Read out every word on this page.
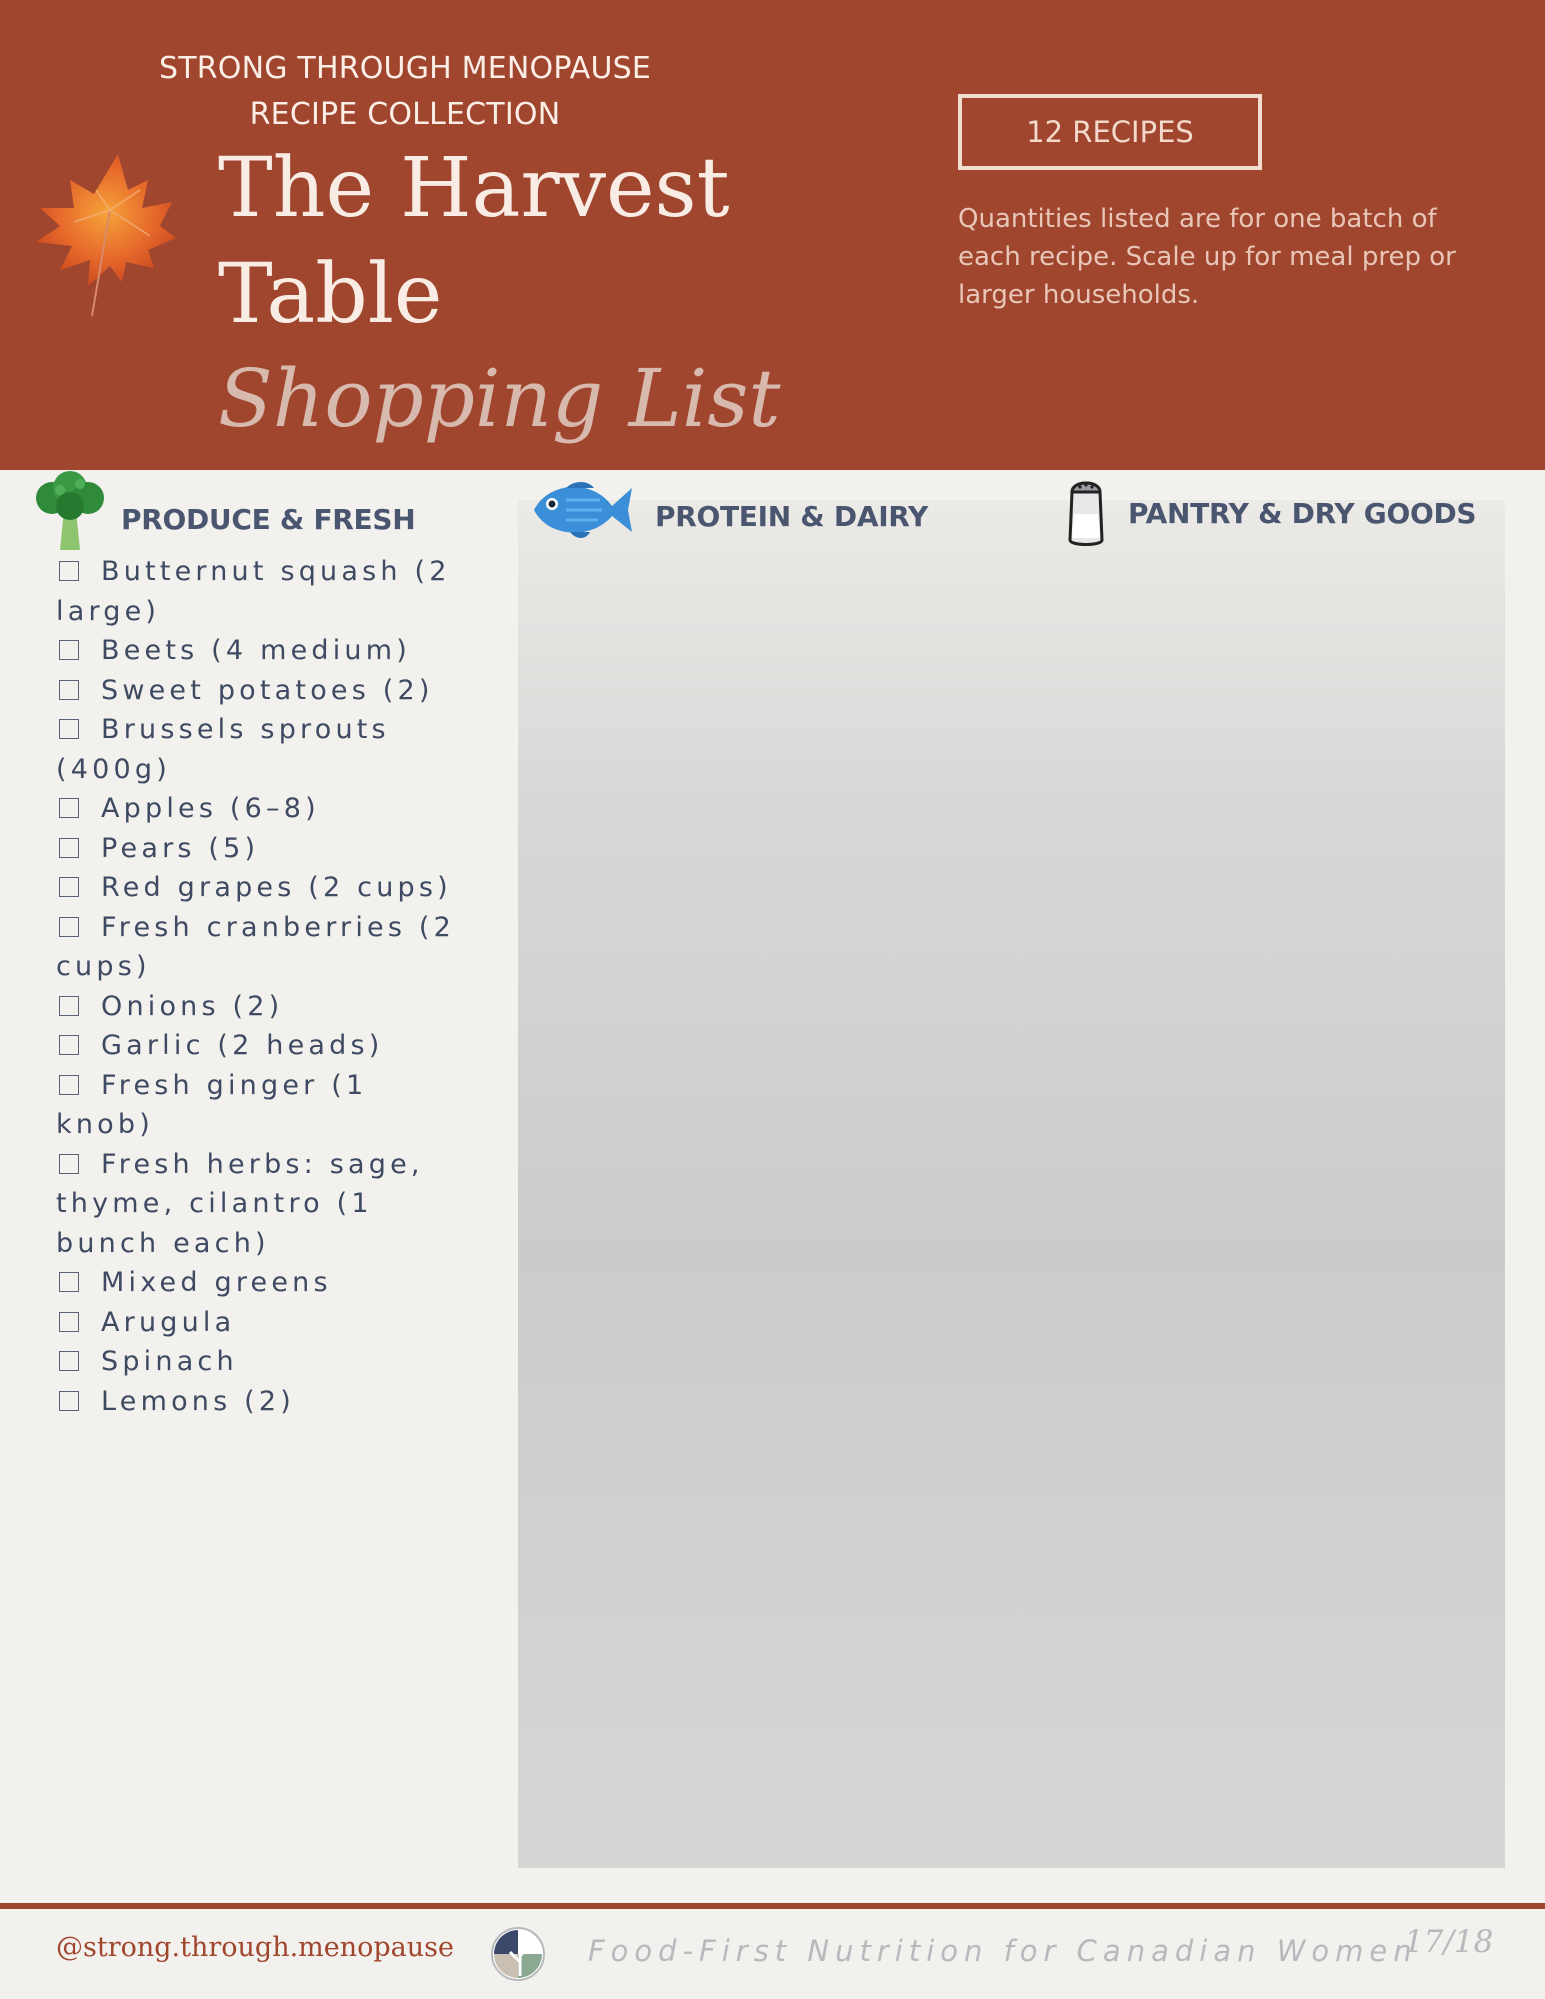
STRONG THROUGH MENOPAUSE
RECIPE COLLECTION
The Harvest
Table
Shopping List
12 RECIPES
Quantities listed are for one batch of each recipe. Scale up for meal prep or larger households.
PRODUCE & FRESH
Butternut squash (2 large)
Beets (4 medium)
Sweet potatoes (2)
Brussels sprouts (400g)
Apples (6–8)
Pears (5)
Red grapes (2 cups)
Fresh cranberries (2 cups)
Onions (2)
Garlic (2 heads)
Fresh ginger (1 knob)
Fresh herbs: sage, thyme, cilantro (1 bunch each)
Mixed greens
Arugula
Spinach
Lemons (2)
PROTEIN & DAIRY	PANTRY & DRY GOODS
@strong.through.menopause	Food-First Nutrition for Canadian Women
17/18
